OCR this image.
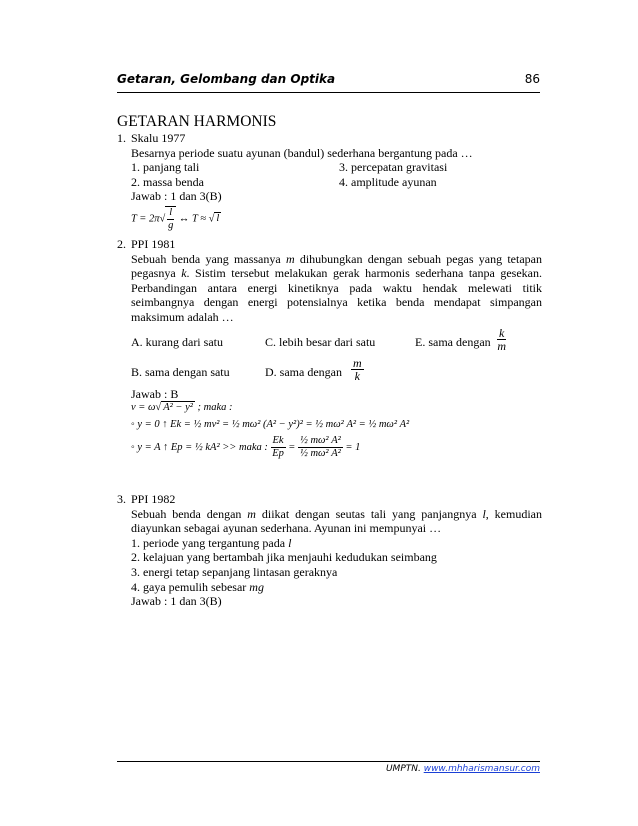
Getaran, Gelombang dan Optika	86
GETARAN HARMONIS
1. Skalu 1977
Besarnya periode suatu ayunan (bandul) sederhana bergantung pada …
1. panjang tali	3. percepatan gravitasi
2. massa benda	4. amplitude ayunan
Jawab : 1 dan 3(B)
$T = 2\pi√ \frac{l}{g}$ ↔ T ≈ √ l
2. PPI 1981
Sebuah benda yang massanya m dihubungkan dengan sebuah pegas yang tetapan pegasnya k. Sistim tersebut melakukan gerak harmonis sederhana tanpa gesekan. Perbandingan antara energi kinetiknya pada waktu hendak melewati titik seimbangnya dengan energi potensialnya ketika benda mendapat simpangan maksimum adalah …
A. kurang dari satu	C. lebih besar dari satu	E. sama dengan $\frac{k}{m}$
B. sama dengan satu	D. sama dengan $\frac{m}{k}$
Jawab : B
v = ω√ A² − y² ; maka :
◦ y = 0 ↑ Ek = ½ mv² = ½ mω² (A² − y²)² = ½ mω² A² = ½ mω² A²
◦ y = A ↑ Ep = ½ kA² >> maka : $\frac{Ek}{Ep} = \frac{\text{½ mω² A²}}{\text{½ mω² A²}} = 1$
3. PPI 1982
Sebuah benda dengan m diikat dengan seutas tali yang panjangnya l, kemudian diayunkan sebagai ayunan sederhana. Ayunan ini mempunyai …
1. periode yang tergantung pada l
2. kelajuan yang bertambah jika menjauhi kedudukan seimbang
3. energi tetap sepanjang lintasan geraknya
4. gaya pemulih sebesar mg
Jawab : 1 dan 3(B)
UMPTN. www.mhharismansur.com
